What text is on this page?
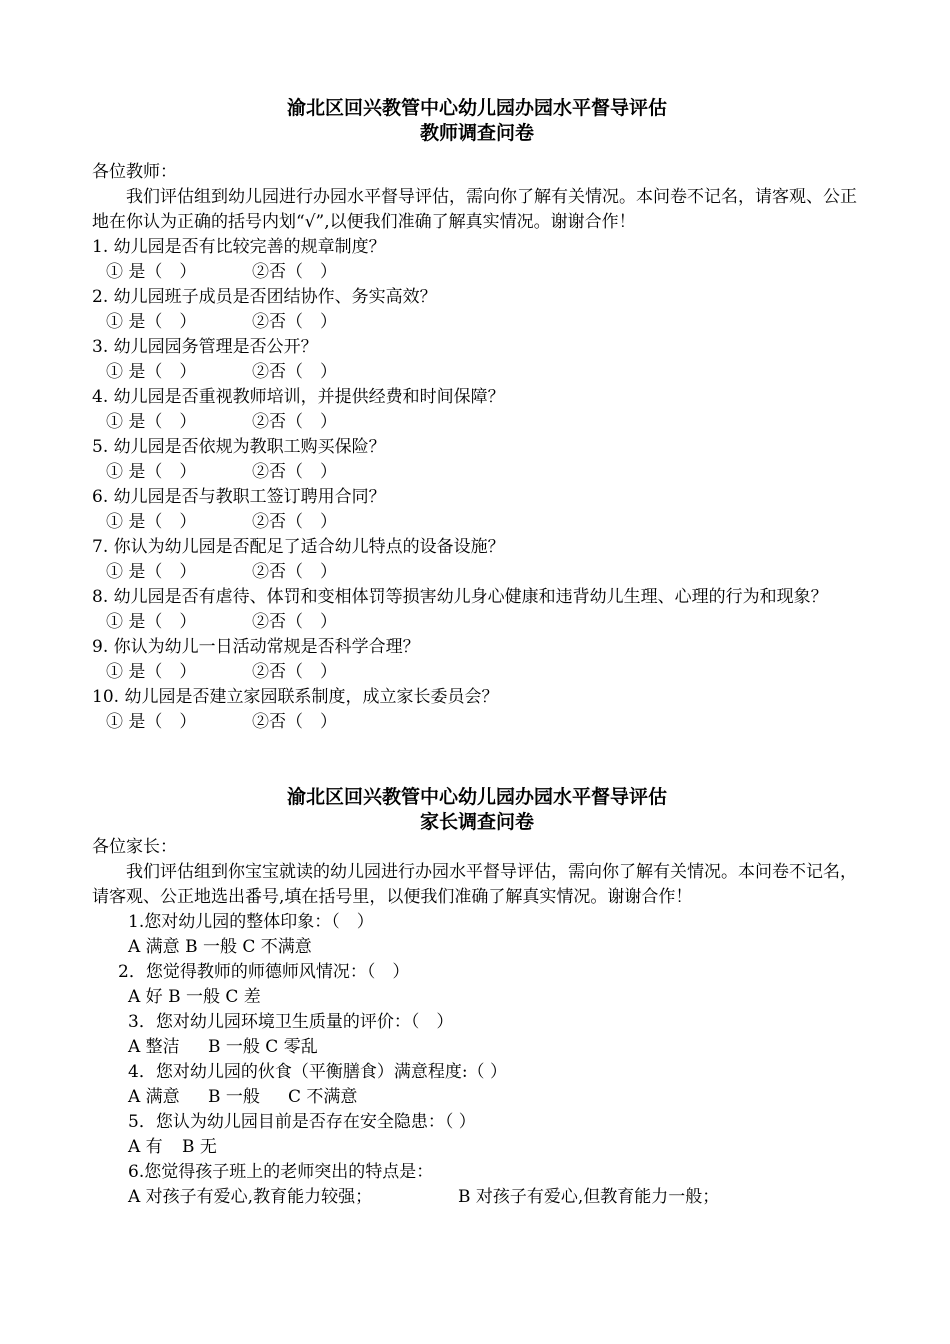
渝北区回兴教管中心幼儿园办园水平督导评估
教师调查问卷
各位教师：
我们评估组到幼儿园进行办园水平督导评估，需向你了解有关情况。本问卷不记名，请客观、公正地在你认为正确的括号内划“√”,以便我们准确了解真实情况。谢谢合作！
1. 幼儿园是否有比较完善的规章制度？
① 是（　）	②否（　）
2. 幼儿园班子成员是否团结协作、务实高效？
① 是（　）	②否（　）
3. 幼儿园园务管理是否公开？
① 是（　）	②否（　）
4. 幼儿园是否重视教师培训，并提供经费和时间保障？
① 是（　）	②否（　）
5. 幼儿园是否依规为教职工购买保险？
① 是（　）	②否（　）
6. 幼儿园是否与教职工签订聘用合同？
① 是（　）	②否（　）
7. 你认为幼儿园是否配足了适合幼儿特点的设备设施？
① 是（　）	②否（　）
8. 幼儿园是否有虐待、体罚和变相体罚等损害幼儿身心健康和违背幼儿生理、心理的行为和现象？
① 是（　）	②否（　）
9. 你认为幼儿一日活动常规是否科学合理？
① 是（　）	②否（　）
10. 幼儿园是否建立家园联系制度，成立家长委员会？
① 是（　）	②否（　）
渝北区回兴教管中心幼儿园办园水平督导评估
家长调查问卷
各位家长：
我们评估组到你宝宝就读的幼儿园进行办园水平督导评估，需向你了解有关情况。本问卷不记名，请客观、公正地选出番号,填在括号里，以便我们准确了解真实情况。谢谢合作！
1.您对幼儿园的整体印象：（　）
A 满意 B 一般 C 不满意
2．您觉得教师的师德师风情况：（　）
A 好 B 一般 C 差
3．您对幼儿园环境卫生质量的评价：（　）
A 整洁 B 一般 C 零乱
4．您对幼儿园的伙食（平衡膳食）满意程度:（ ）
A 满意 B 一般 C 不满意
5．您认为幼儿园目前是否存在安全隐患：（ ）
A 有 B 无
6.您觉得孩子班上的老师突出的特点是：
A 对孩子有爱心,教育能力较强；	B 对孩子有爱心,但教育能力一般；
